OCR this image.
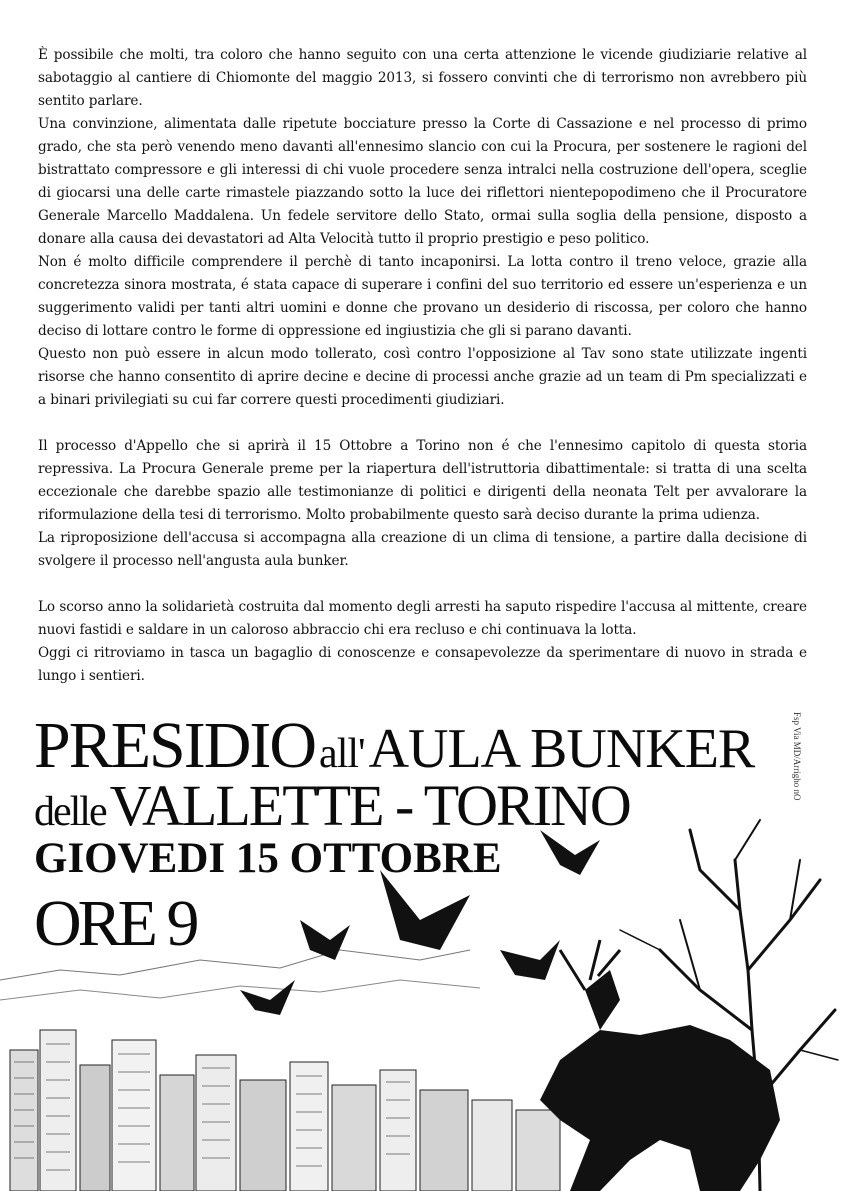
È possibile che molti, tra coloro che hanno seguito con una certa attenzione le vicende giudiziarie relative al sabotaggio al cantiere di Chiomonte del maggio 2013, si fossero convinti che di terrorismo non avrebbero più sentito parlare.

Una convinzione, alimentata dalle ripetute bocciature presso la Corte di Cassazione e nel processo di primo grado, che sta però venendo meno davanti all'ennesimo slancio con cui la Procura, per sostenere le ragioni del bistrattato compressore e gli interessi di chi vuole procedere senza intralci nella costruzione dell'opera, sceglie di giocarsi una delle carte rimastele piazzando sotto la luce dei riflettori nientepopodimeno che il Procuratore Generale Marcello Maddalena. Un fedele servitore dello Stato, ormai sulla soglia della pensione, disposto a donare alla causa dei devastatori ad Alta Velocità tutto il proprio prestigio e peso politico.

Non é molto difficile comprendere il perchè di tanto incaponirsi. La lotta contro il treno veloce, grazie alla concretezza sinora mostrata, é stata capace di superare i confini del suo territorio ed essere un'esperienza e un suggerimento validi per tanti altri uomini e donne che provano un desiderio di riscossa, per coloro che hanno deciso di lottare contro le forme di oppressione ed ingiustizia che gli si parano davanti.

Questo non può essere in alcun modo tollerato, così contro l'opposizione al Tav sono state utilizzate ingenti risorse che hanno consentito di aprire decine e decine di processi anche grazie ad un team di Pm specializzati e a binari privilegiati su cui far correre questi procedimenti giudiziari.

Il processo d'Appello che si aprirà il 15 Ottobre a Torino non é che l'ennesimo capitolo di questa storia repressiva. La Procura Generale preme per la riapertura dell'istruttoria dibattimentale: si tratta di una scelta eccezionale che darebbe spazio alle testimonianze di politici e dirigenti della neonata Telt per avvalorare la riformulazione della tesi di terrorismo. Molto probabilmente questo sarà deciso durante la prima udienza.

La riproposizione dell'accusa si accompagna alla creazione di un clima di tensione, a partire dalla decisione di svolgere il processo nell'angusta aula bunker.

Lo scorso anno la solidarietà costruita dal momento degli arresti ha saputo rispedire l'accusa al mittente, creare nuovi fastidi e saldare in un caloroso abbraccio chi era recluso e chi continuava la lotta.

Oggi ci ritroviamo in tasca un bagaglio di conoscenze e consapevolezze da sperimentare di nuovo in strada e lungo i sentieri.

PRESIDIO all' AULA BUNKER
delle VALLETTE - TORINO
GIOVEDI 15 OTTOBRE
ORE 9
Fsp Via MD/Arrigho nO
